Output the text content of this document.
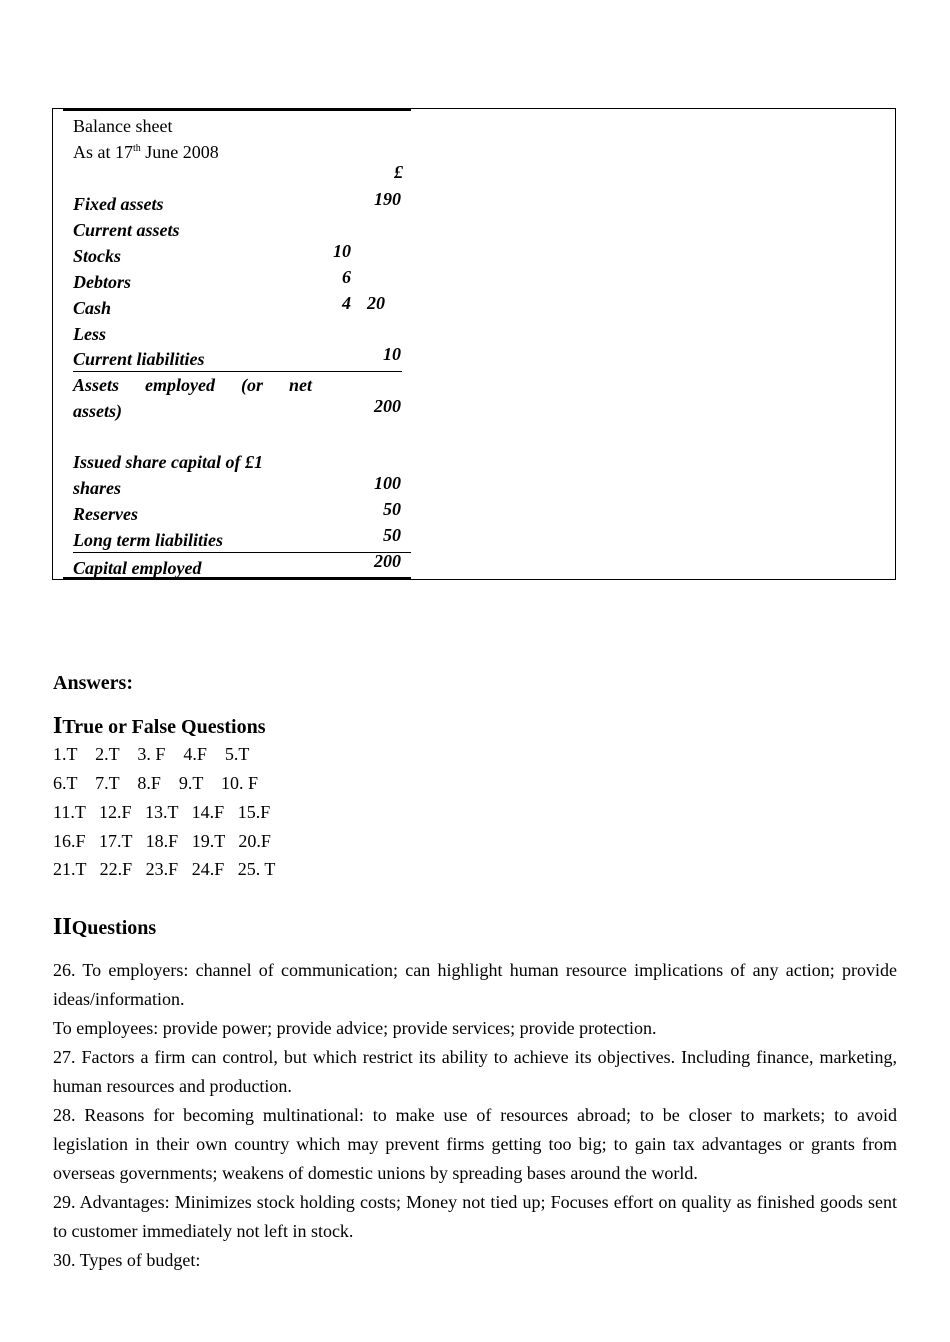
Balance sheet
As at 17th June 2008
£
Fixed assets	190
Current assets
Stocks	10
Debtors	6
Cash	4 20
Less
Current liabilities	10
Assets employed (or net
assets)	200
Issued share capital of £1
shares	100
Reserves	50
Long term liabilities	50
Capital employed	200
Answers:
ITrue or False Questions
1.T    2.T    3. F    4.F    5.T
6.T    7.T    8.F    9.T    10. F
11.T   12.F   13.T   14.F   15.F
16.F   17.T   18.F   19.T   20.F
21.T   22.F   23.F   24.F   25. T
IIQuestions

26. To employers: channel of communication; can highlight human resource implications of any action; provide ideas/information.

To employees: provide power; provide advice; provide services; provide protection.

27. Factors a firm can control, but which restrict its ability to achieve its objectives. Including finance, marketing, human resources and production.

28. Reasons for becoming multinational: to make use of resources abroad; to be closer to markets; to avoid legislation in their own country which may prevent firms getting too big; to gain tax advantages or grants from overseas governments; weakens of domestic unions by spreading bases around the world.

29. Advantages: Minimizes stock holding costs; Money not tied up; Focuses effort on quality as finished goods sent to customer immediately not left in stock.

30. Types of budget:
